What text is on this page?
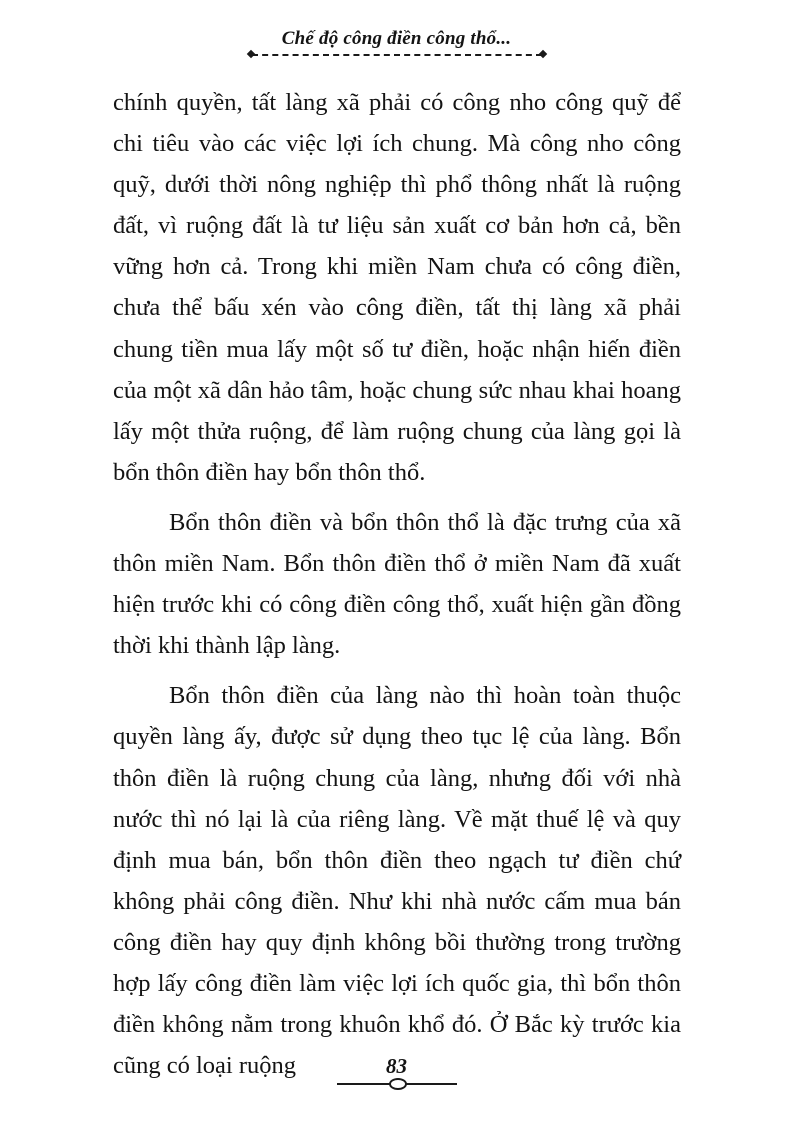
Chế độ công điền công thổ...

chính quyền, tất làng xã phải có công nho công quỹ để chi tiêu vào các việc lợi ích chung. Mà công nho công quỹ, dưới thời nông nghiệp thì phổ thông nhất là ruộng đất, vì ruộng đất là tư liệu sản xuất cơ bản hơn cả, bền vững hơn cả. Trong khi miền Nam chưa có công điền, chưa thể bấu xén vào công điền, tất thị làng xã phải chung tiền mua lấy một số tư điền, hoặc nhận hiến điền của một xã dân hảo tâm, hoặc chung sức nhau khai hoang lấy một thửa ruộng, để làm ruộng chung của làng gọi là bổn thôn điền hay bổn thôn thổ.

Bổn thôn điền và bổn thôn thổ là đặc trưng của xã thôn miền Nam. Bổn thôn điền thổ ở miền Nam đã xuất hiện trước khi có công điền công thổ, xuất hiện gần đồng thời khi thành lập làng.

Bổn thôn điền của làng nào thì hoàn toàn thuộc quyền làng ấy, được sử dụng theo tục lệ của làng. Bổn thôn điền là ruộng chung của làng, nhưng đối với nhà nước thì nó lại là của riêng làng. Về mặt thuế lệ và quy định mua bán, bổn thôn điền theo ngạch tư điền chứ không phải công điền. Như khi nhà nước cấm mua bán công điền hay quy định không bồi thường trong trường hợp lấy công điền làm việc lợi ích quốc gia, thì bổn thôn điền không nằm trong khuôn khổ đó. Ở Bắc kỳ trước kia cũng có loại ruộng	83
